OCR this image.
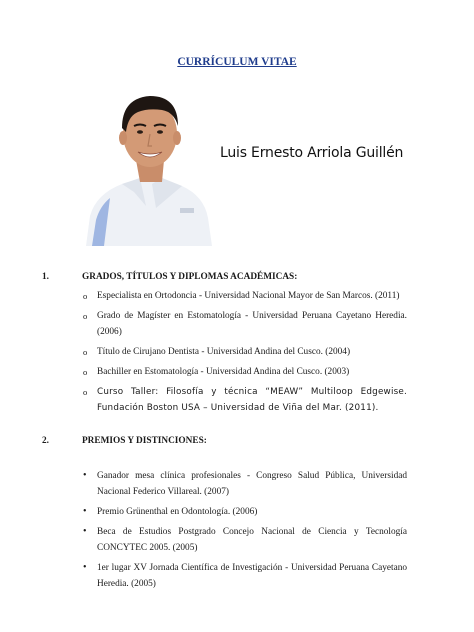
CURRÍCULUM VITAE
Luis Ernesto Arriola Guillén
1.	GRADOS, TÍTULOS Y DIPLOMAS ACADÉMICAS:
o	Especialista en Ortodoncia - Universidad Nacional Mayor de San Marcos. (2011)
o	Grado de Magíster en Estomatología - Universidad Peruana Cayetano Heredia. (2006)
o	Título de Cirujano Dentista - Universidad Andina del Cusco. (2004)
o	Bachiller en Estomatología - Universidad Andina del Cusco. (2003)
o	Curso Taller: Filosofía y técnica “MEAW” Multiloop Edgewise. Fundación Boston USA – Universidad de Viña del Mar. (2011).
2.	PREMIOS Y DISTINCIONES:
•	Ganador mesa clínica profesionales - Congreso Salud Pública, Universidad Nacional Federico Villareal. (2007)
•	Premio Grünenthal en Odontología. (2006)
•	Beca de Estudios Postgrado Concejo Nacional de Ciencia y Tecnología CONCYTEC 2005. (2005)
•	1er lugar XV Jornada Científica de Investigación - Universidad Peruana Cayetano Heredia. (2005)
